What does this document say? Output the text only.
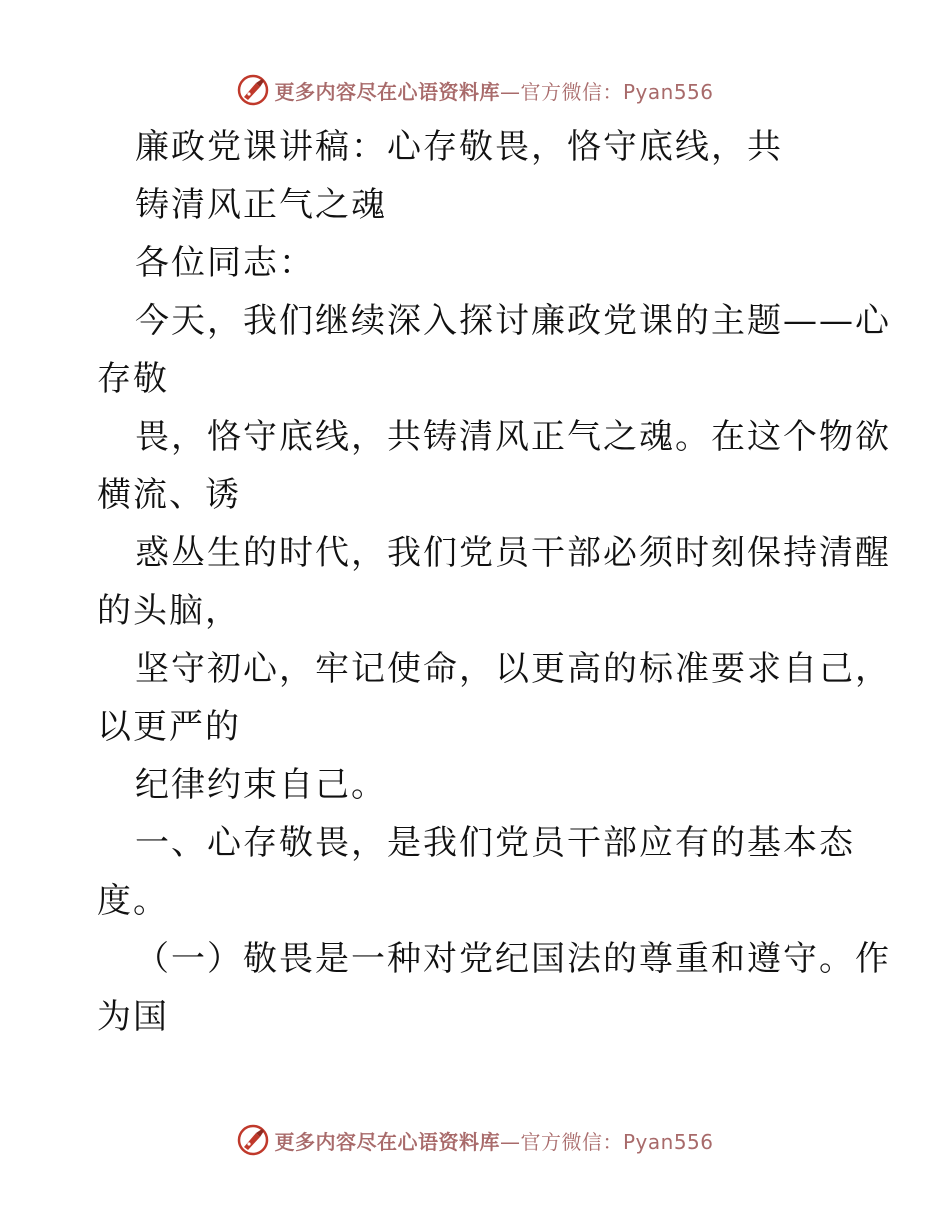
更多内容尽在心语资料库—官方微信：Pyan556
廉政党课讲稿：心存敬畏，恪守底线，共
铸清风正气之魂
各位同志：
今天，我们继续深入探讨廉政党课的主题——心
存敬
畏，恪守底线，共铸清风正气之魂。在这个物欲
横流、诱
惑丛生的时代，我们党员干部必须时刻保持清醒
的头脑，
坚守初心，牢记使命，以更高的标准要求自己，
以更严的
纪律约束自己。
一、心存敬畏，是我们党员干部应有的基本态
度。
（一）敬畏是一种对党纪国法的尊重和遵守。作
为国
更多内容尽在心语资料库—官方微信：Pyan556
